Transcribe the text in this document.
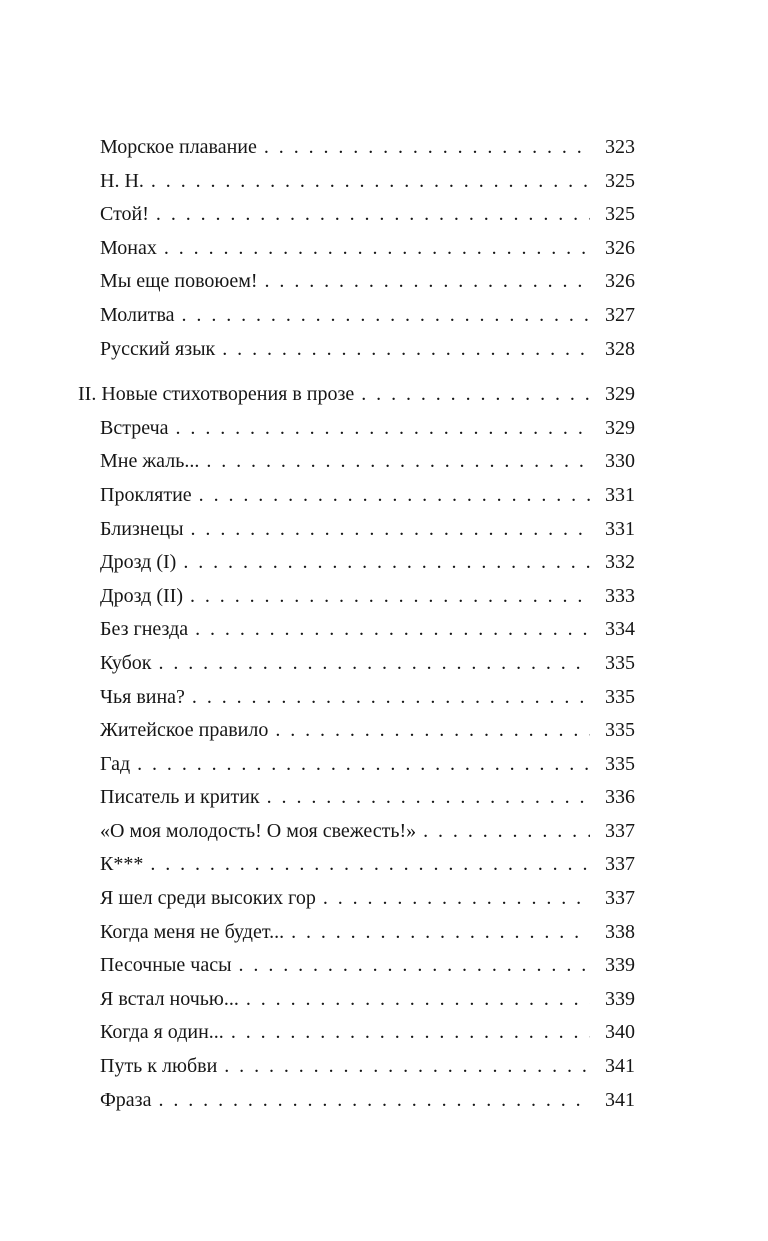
Морское плавание . . .	323
Н. Н. . . .	325
Стой! . . .	325
Монах . . .	326
Мы еще повоюем! . . .	326
Молитва . . .	327
Русский язык . . .	328
II. Новые стихотворения в прозе . . .	329
Встреча . . .	329
Мне жаль... . . .	330
Проклятие . . .	331
Близнецы . . .	331
Дрозд (I) . . .	332
Дрозд (II) . . .	333
Без гнезда . . .	334
Кубок . . .	335
Чья вина? . . .	335
Житейское правило . . .	335
Гад . . .	335
Писатель и критик . . .	336
«О моя молодость! О моя свежесть!» . . .	337
К*** . . .	337
Я шел среди высоких гор . . .	337
Когда меня не будет... . . .	338
Песочные часы . . .	339
Я встал ночью... . . .	339
Когда я один... . . .	340
Путь к любви . . .	341
Фраза . . .	341
